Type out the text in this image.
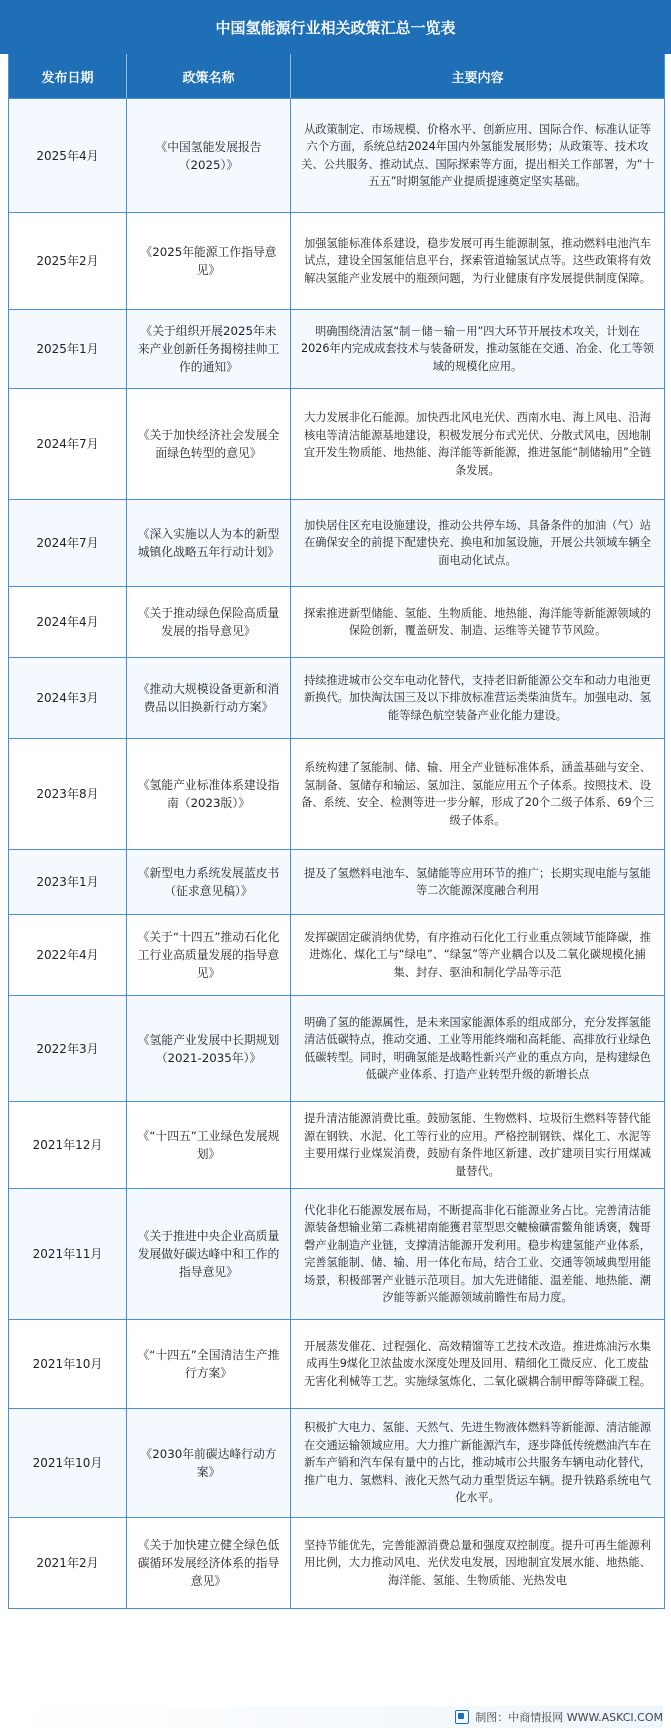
中国氢能源行业相关政策汇总一览表
发布日期	政策名称	主要内容
2025年4月
《中国氢能发展报告（2025）》
从政策制定、市场规模、价格水平、创新应用、国际合作、标准认证等六个方面，系统总结2024年国内外氢能发展形势；从政策等、技术攻关、公共服务、推动试点、国际探索等方面，提出相关工作部署，为“十五五”时期氢能产业提质提速奠定坚实基础。
2025年2月
《2025年能源工作指导意见》
加强氢能标准体系建设，稳步发展可再生能源制氢，推动燃料电池汽车试点，建设全国氢能信息平台，探索管道输氢试点等。这些政策将有效解决氢能产业发展中的瓶颈问题，为行业健康有序发展提供制度保障。
2025年1月
《关于组织开展2025年未来产业创新任务揭榜挂帅工作的通知》
明确围绕清洁氢“制－储－输－用”四大环节开展技术攻关，计划在2026年内完成成套技术与装备研发，推动氢能在交通、冶金、化工等领域的规模化应用。
2024年7月
《关于加快经济社会发展全面绿色转型的意见》
大力发展非化石能源。加快西北风电光伏、西南水电、海上风电、沿海核电等清洁能源基地建设，积极发展分布式光伏、分散式风电，因地制宜开发生物质能、地热能、海洋能等新能源，推进氢能“制储输用”全链条发展。
2024年7月
《深入实施以人为本的新型城镇化战略五年行动计划》
加快居住区充电设施建设，推动公共停车场、具备条件的加油（气）站在确保安全的前提下配建快充、换电和加氢设施，开展公共领域车辆全面电动化试点。
2024年4月
《关于推动绿色保险高质量发展的指导意见》
探索推进新型储能、氢能、生物质能、地热能、海洋能等新能源领域的保险创新，覆盖研发、制造、运维等关键节节风险。
2024年3月
《推动大规模设备更新和消费品以旧换新行动方案》
持续推进城市公交车电动化替代，支持老旧新能源公交车和动力电池更新换代。加快淘汰国三及以下排放标准营运类柴油货车。加强电动、氢能等绿色航空装备产业化能力建设。
2023年8月
《氢能产业标准体系建设指南（2023版）》
系统构建了氢能制、储、输、用全产业链标准体系，涵盖基础与安全、氢制备、氢储存和输运、氢加注、氢能应用五个子体系。按照技术、设备、系统、安全、检测等进一步分解，形成了20个二级子体系、69个三级子体系。
2023年1月
《新型电力系统发展蓝皮书（征求意见稿）》
提及了氢燃料电池车、氢储能等应用环节的推广；长期实现电能与氢能等二次能源深度融合利用
2022年4月
《关于“十四五”推动石化化工行业高质量发展的指导意见》
发挥碳固定碳消纳优势，有序推动石化化工行业重点领域节能降碳，推进炼化、煤化工与“绿电”、“绿氢”等产业耦合以及二氧化碳规模化捕集、封存、驱油和制化学品等示范
2022年3月
《氢能产业发展中长期规划（2021-2035年）》
明确了氢的能源属性，是未来国家能源体系的组成部分，充分发挥氢能清洁低碳特点，推动交通、工业等用能终端和高耗能、高排放行业绿色低碳转型。同时，明确氢能是战略性新兴产业的重点方向，是构建绿色低碳产业体系、打造产业转型升级的新增长点
2021年12月
《“十四五”工业绿色发展规划》
提升清洁能源消费比重。鼓励氢能、生物燃料、垃圾衍生燃料等替代能源在钢铁、水泥、化工等行业的应用。严格控制钢铁、煤化工、水泥等主要用煤行业煤炭消费，鼓励有条件地区新建、改扩建项目实行用煤减量替代。
2021年11月
《关于推进中央企业高质量发展做好碳达峰中和工作的指导意见》
代化非化石能源发展布局，不断提高非化石能源业务占比。完善清洁能源装备想输业第二森桃裙南能獲君莖型思交轆檢礦雷鳖角能诱褒，魏哥磬产业制造产业链，支撑清洁能源开发利用。稳步构建氢能产业体系，完善氢能制、储、输、用一体化布局，结合工业、交通等领域典型用能场景，积极部署产业链示范项目。加大先进储能、温差能、地热能、潮汐能等新兴能源领域前瞻性布局力度。
2021年10月
《“十四五”全国清洁生产推行方案》
开展蒸发催花、过程强化、高效精馏等工艺技术改造。推进炼油污水集成再生9煤化卫浓盐废水深度处理及回用、精细化工微反应、化工废盐无害化利械等工艺。实施绿氢炼化、二氧化碳耦合制甲醇等降碳工程。
2021年10月
《2030年前碳达峰行动方案》
积极扩大电力、氢能、天然气、先进生物液体燃料等新能源、清洁能源在交通运输领域应用。大力推广新能源汽车，逐步降低传统燃油汽车在新车产销和汽车保有量中的占比，推动城市公共服务车辆电动化替代，推广电力、氢燃料、液化天然气动力重型货运车辆。提升铁路系统电气化水平。
2021年2月
《关于加快建立健全绿色低碳循环发展经济体系的指导意见》
坚持节能优先，完善能源消费总量和强度双控制度。提升可再生能源利用比例，大力推动风电、光伏发电发展，因地制宜发展水能、地热能、海洋能、氢能、生物质能、光热发电
制图：中商情报网 WWW.ASKCI.COM
